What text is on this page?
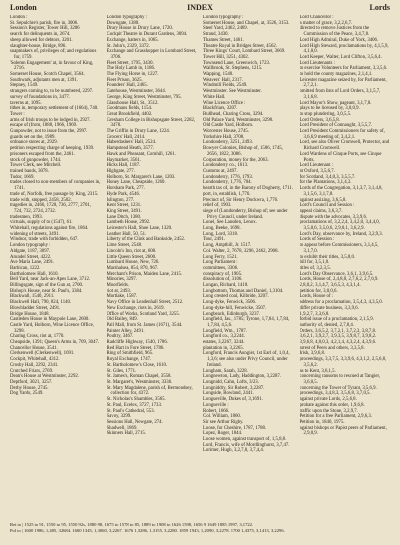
London	INDEX	Lords
London :
St. Sepulchre's parish, fire in, 3006.
Session's Register, Tower Hill, 3206
search for delinquents in, 2674.
sheep allowed for debtors, 3201.
slaughter-house, Bridge, 896.
soapmakers of, privileges of; and regulations for, 1759.
'Solemn Engagement' at, in favour of King, 2716.
Somerset House, Scotch Chapel, 3564.
Southwark, adjutants men at, 1391.
Stepney, 1549.
strangers coming to, to be numbered, 2297.
survey of foundations in, 3477.
taverns at, 1095.
tithes in, temporary settlement of (1664), 740.
Tower :
arms of Irish troops to be lodged in, 2927.
escape of (from, 1888, 1966, 1969.
Gunpowder, not to issue from the, 2997.
guards set on the, 1989.
ordnance stores at, 2929.
petition respecting charge of keeping, 1939.
prisoners escaped from the, 2461.
stock of gunpowder, 1744.
Tower Clerk, see Mitchell.
trained bands, 3078.
Tudor, 1669.
trades closed to non-members of companies in, 1741.
trade of, Norfolk, free passage by King, 2315.
trade with, stopped, 2458, 2502.
tragedies in, 2466, 1728, 736, 2777, 2701, 724, 732, 2724, 2732.
tradesmen, 1993.
victuals, supply of to (1547), 61.
Whitehall, regulations against fire, 1864.
widening of streets, 3491.
Windsor, trade with forbidden, 647.
London typography :
Aldgate, 1187, 3097.
Arundel Street, 4222.
Ave Maria Lane, 2491.
Barbican, 1222.
Bartholomew Hall, 1610.
Bell Yard, near Jack-an-Apes Lane, 3712.
Billingsgate, sign of the Gun at, 2700.
Bishop's House, near St. Paul's, 3384.
Blackwall, 1540, 2911.
Blackwell Hall, 790, 824, 1140.
Blowbladder Street, 2491.
Bridge House, 1848.
Castleden House in Maypole Lane, 2600.
Castle Yard, Holborn, Wine Licence Office, 3298.
Charing Cross, riot at, 1770.
Cheapside, 1391; Queen's Arms in, 709, 3047.
Chancellor House, 3541.
Clerkenwell (Clerkenwell), 1691.
Cockpit, Whitehall, 4312.
Crosby Hall, 2292, 2341.
Crutched Friars, 2769.
Dean's House at Westminster, 2292.
Deptford, 3021, 3257.
Derby House, 2745.
Dog Yards, 2549.
London typography :
Downgate, 1380.
Drury House in Drury Lane, 1720.
Cockpit Theatre in Durant Gardens, 3094.
Exchange, hatters in, 1065.
St. John's, 2329, 3372.
Exchange and Grasshopper in Lombard Street, 3706.
Fleet Street, 1795, 3430.
The Holy Lamb in, 1186.
The Flying Horse in, 1227.
Fleet Prison, 3625.
Founders' Hall, 2465.
Gatehouse, Westminster, 3644.
George, King Street, Westminster, 795.
Glasshouse Hall, St., 3512.
Goodmans fields, 1154.
Great Brookfield, 4402.
Gresham College in Bishopsgate Street, 2282, 3478.
The Griffin in Drury Lane, 1224.
Grocers' Hall, 2414.
Haberdashers' Hall, 2524.
Hampstead Heath, 3577.
Hawk and Pheasant, Cornhill, 1261.
Haymarket, 3561.
Hicks Hall, 1187.
Highgate, 277.
Holborn, St. Margaret's Lane, 1203.
Honey Lane, Cheapside, 1260.
Horsham Park, 277.
Hyde Park, 4546.
Islington, 277.
Kent Street, 1231.
King Street, 3491.
Lane Ditch, 1380.
Lambeth House, 2992.
Leicester's Hall, Shoe Lane, 1320.
Leather Hall, 50, 51.
Liberty of the Clink and Bankside, 2452.
Lime Street, 2548.
Lincoln's Inn, riot at, 608.
Little Queen Street, 2600.
Lumbard House, New, 726.
Marshalsea, 854, 870, 967.
Merchant's Prison, Maiden Lane, 2415.
Minories, 3297.
Moorfields.
riot at, 2493.
Mortlake, 1587.
Navy Office in Leadenhall Street, 2512.
New Exchange, riots in, 2619.
Office of Works, Scotland Yard, 3255.
Old Bailey, 849.
Pall Mall, from St. James (1671), 3544.
Painter Alley, 2491.
Poultry, 3467.
Radcliffe Highway, 1540, 1786.
Red Hart in Fore Street, 1786.
Ring of Smithfield, 965.
Royal Exchange, 1747.
St. Bartholomew's Close, 1610.
St. Giles, 1771.
St. James's, Roman Chapel, 3558.
St. Margaret's, Westminster, 3336.
St. Mary Magdalene, parish of, Bermondsey, collection for, 4372.
St. Nicholas's Shambles, 3565.
St. Paul, Ecelex, 3727, 1733.
St. Paul's Cathedral, 553.
Savoy, 3299.
Sessions Hall, Newgate, 274.
Shadwell, 1869.
Skinners Hall, 2715.
London typography :
Somerset House, and Chapel, at, 3526, 3153.
Steel Yard, 2462, 2469.
Strand, 3430.
Thames Street, 1461.
Theatre Royal in Bridges Street, 4562.
Three Kings' Court, Lombard Street, 3669.
Tower Hill, 3251, 4302.
Townsend Lane, Greenwich, 1723.
Wallbrook, St. Stephens, 1215.
Wapping, 1540.
Weavers' Hall, 2317.
Windmill Fields, 2549.
Westminster. See Westminster.
White Hall.
Wine Licence Office :
Blackfriars, 3207.
Bullhead, Charing Cross, 3294.
Old Palace Yard, Westminster, 3298.
Old Castle Yard, Holborn.
Worcester House, 2745.
Yorkshire Hall, 3708.
Londonderry, 3251, 2493.
Bowyer Colonies, Bishop of, 1586, 1745, 2656, 1822, 3086.
Corporation, money for the, 2063.
Londonderry co., 1613.
Customs at, 2497.
Londonderry, 1776, 1793.
Londonderry, 1,776, 704.
hearth tax of, in the Barony of Dogherty, 1711.
port, in, establish, 1,776.
Precinct of, Sir Henry Dockwra, 1,776.
relief of, 1903.
siege of (Londonderry, Bishop of; see under Privy Council, under Ireland.
Lonel, See Lansden, Lenox.
Long, Beeke, 1698.
Long, Lord, 3318.
Tour, 2491.
Long, Ampthill, Jr. 1517.
Col. Walter, 2, 7678, 3296, 2462, 2908.
Long Ferry, 1521.
Long Parliament :
committees, 3306.
conspiracy of, 1905.
dissolution of, 3106.
Longan, Richard, 1418.
Longbottom, Thomas and Daniel, 1,3104.
Long crested coal, Kilbride, 3207.
Long-dyke, Fenwick, 3506.
Long-dyke-hill, Fenwicke, 3507.
Longbeach, Edinburgh, 3237.
Longfield, Jas., 1785; Tyrone, 1,7,84, 1,7,84, 1,7,84, 4,5,6.
Longfield, Wm., 1787.
Longford co., 3,2244.
estates, 3,2267, 3244.
plantation in, 3,2265.
Longford, Francis Aungier, 1st Earl of, 1,0,4, 1,3,6; see also under Privy Council, under Ireland.
Longham, Sarah, 3228.
Longnewton, Lady, Haddington, 3,2287.
Longnidd, Cahn, Lofts, 3/23.
Longniddry, Sir Robert, 3,2287.
Longside, Rowland, 2441.
Longueville, Dukes of, 3,1691.
Longueville :
Robert, 1666.
Col. William, 1860.
Sir see Arthur Rigby.
Loose, for Cheshire, 1787, 1788.
Lopez, Roger, 1844.
Loose women, against transport of, 1,5,8,8.
Lord, Francis, wife of Mordlinghurst, 3,7,47.
Lorimer, Hugh, 3,2,7,8, 3,7,4,4.
Lord Chancellor :
a matter of grace, 3,2,2,6,7.
directed to remove Justices from the Commission of the Peace, 3,4,7,8.
Lord High Admiral, Duke of York, 3406.
Lord High Steward, proclamations by, 4,1,5,9, 4,1,8,0.
Lord Keeper, Walter, Lord Clifton, 3,5,6,4.
Lord Lieutenants :
to exercise Volunteers for Parliament, 3,3,5,6.
to hold the county magazines, 2,1,4,1.
Leicester magazine seized by, for Parliament, 2,7,2,1.
omitted from lists of Lord Orders, 3,1,5,7, 3,1,6,8.
Lord Mayor's Show, pageant, 3,1,7,8.
plays to be licensed by, 3,0,0,9.
to stop plundering, 3,0,5,5.
Lord Orders, 3,6,5,8.
Lord President of Connaught, 3,5,5,7.
Lord President Commissioners for safety of, 3,6,6,9 meeting of, 3,4,2,1.
Lord, see also Oliver Cromwell, Protector, and Richard Cromwell.
Lord Wardens of Cinque Ports, see Cinque Ports.
Lord Lieutenant :
at Oxford, 3,5,6,7.
for Scotland, 3,4,0,3, 3,5,5,7.
for the Plantations, 3,1,4,3.
Lords of the Congregation, 3,1,3,7, 3,1,4,8, 3,1,5,6, 3,1,7,8.
against assizing, 3,6,5,8.
Lord's Council and Session :
appeal claims, 3,6,3,7.
dispute with the advocates, 3,3,9,6.
proclamations of, 3,2,2,4, 3,4,2,0, 3,4,4,0, 3,5,0,6, 3,5,0,6, 2,9,0,1, 3,6,2,9.
Lord's Day, observance by, Ireland, 3,2,9,3.
Lords of Session :
to appear before Commissioners, 3,1,4,5, 3,1,7,0.
to exhibit their titles, 3,5,8,0.
bill for, 3,5,1,0.
titles of, 3,2,3,5.
Lord's Day Observance, 3,6,1, 3,9,6,5.
Lords, House of, 2,4,8,0, 2,7,6,2, 2,7,6,9.
2,8,0,2, 3,1,4,7, 3,6,5,3, 4,3,1,4.
petition for, 3,0,0,6.
Lords, House of :
address for a proclamation, 3,5,4,3, 4,3,5,0.
differ private business, 3,3,9,6.
1,9,2,7, 3,3,6,8.
forbid issue of a proclamation, 2,1,5,9.
authority of, denied, 2,7,8,4.
Orders, 3,6,5,2, 3,7,2,1, 3,7,2,3, 3,8,7,8.
3,6,2,1, 3,9,2,7, 3,9,3,5, 3,9,8,7, 3,9,8,2.
3,9,6,8, 4,0,0,3, 4,2,1,4, 4,3,2,4, 4,3,9,6.
arrest of Peers and others, 3,3,5,8.
Irish, 3,9,6,8.
proceedings, 3,3,7,5, 3,3,9,6, 4,3,1,2, 2,5,6,8, 3,5,6,2.
as to Kent, 3,6,1,5.
concerning ransoms to rescued at Tangier, 3,6,0,5.
concerning the Tower of Tyrant, 3,5,6,9.
proceedings, 3,4,8,3, 3,5,6,8, 3,7,0,5.
against private Lords, 2,5,6,8.
probate against this order, 1,9,6,8.
traffic upon the Stone, 3,2,9,7.
Petition for a free Parliament, 2,9,6,3.
Petition in, 1840, 1975.
against bishops or Papist peers of Parliament, 2,9,0,9.
Ret to | 1525 to 91, 1550 to 95, 1550 92s, 1880 98, 1675 to 1578 to 85, 1889 to 1908 to 1626 1598, 1656 9 1649 1885 1997, 3,1722.
Pol to | 1600 1986, 1,485, 32684. 1600 1345, 1,3060, 3,2267. 1676 1,3286, 1,3155, 3,2280. 1859 1943, 1,2090, 3,2278. 1700 1,4375, 3,1413, 3,2296.
